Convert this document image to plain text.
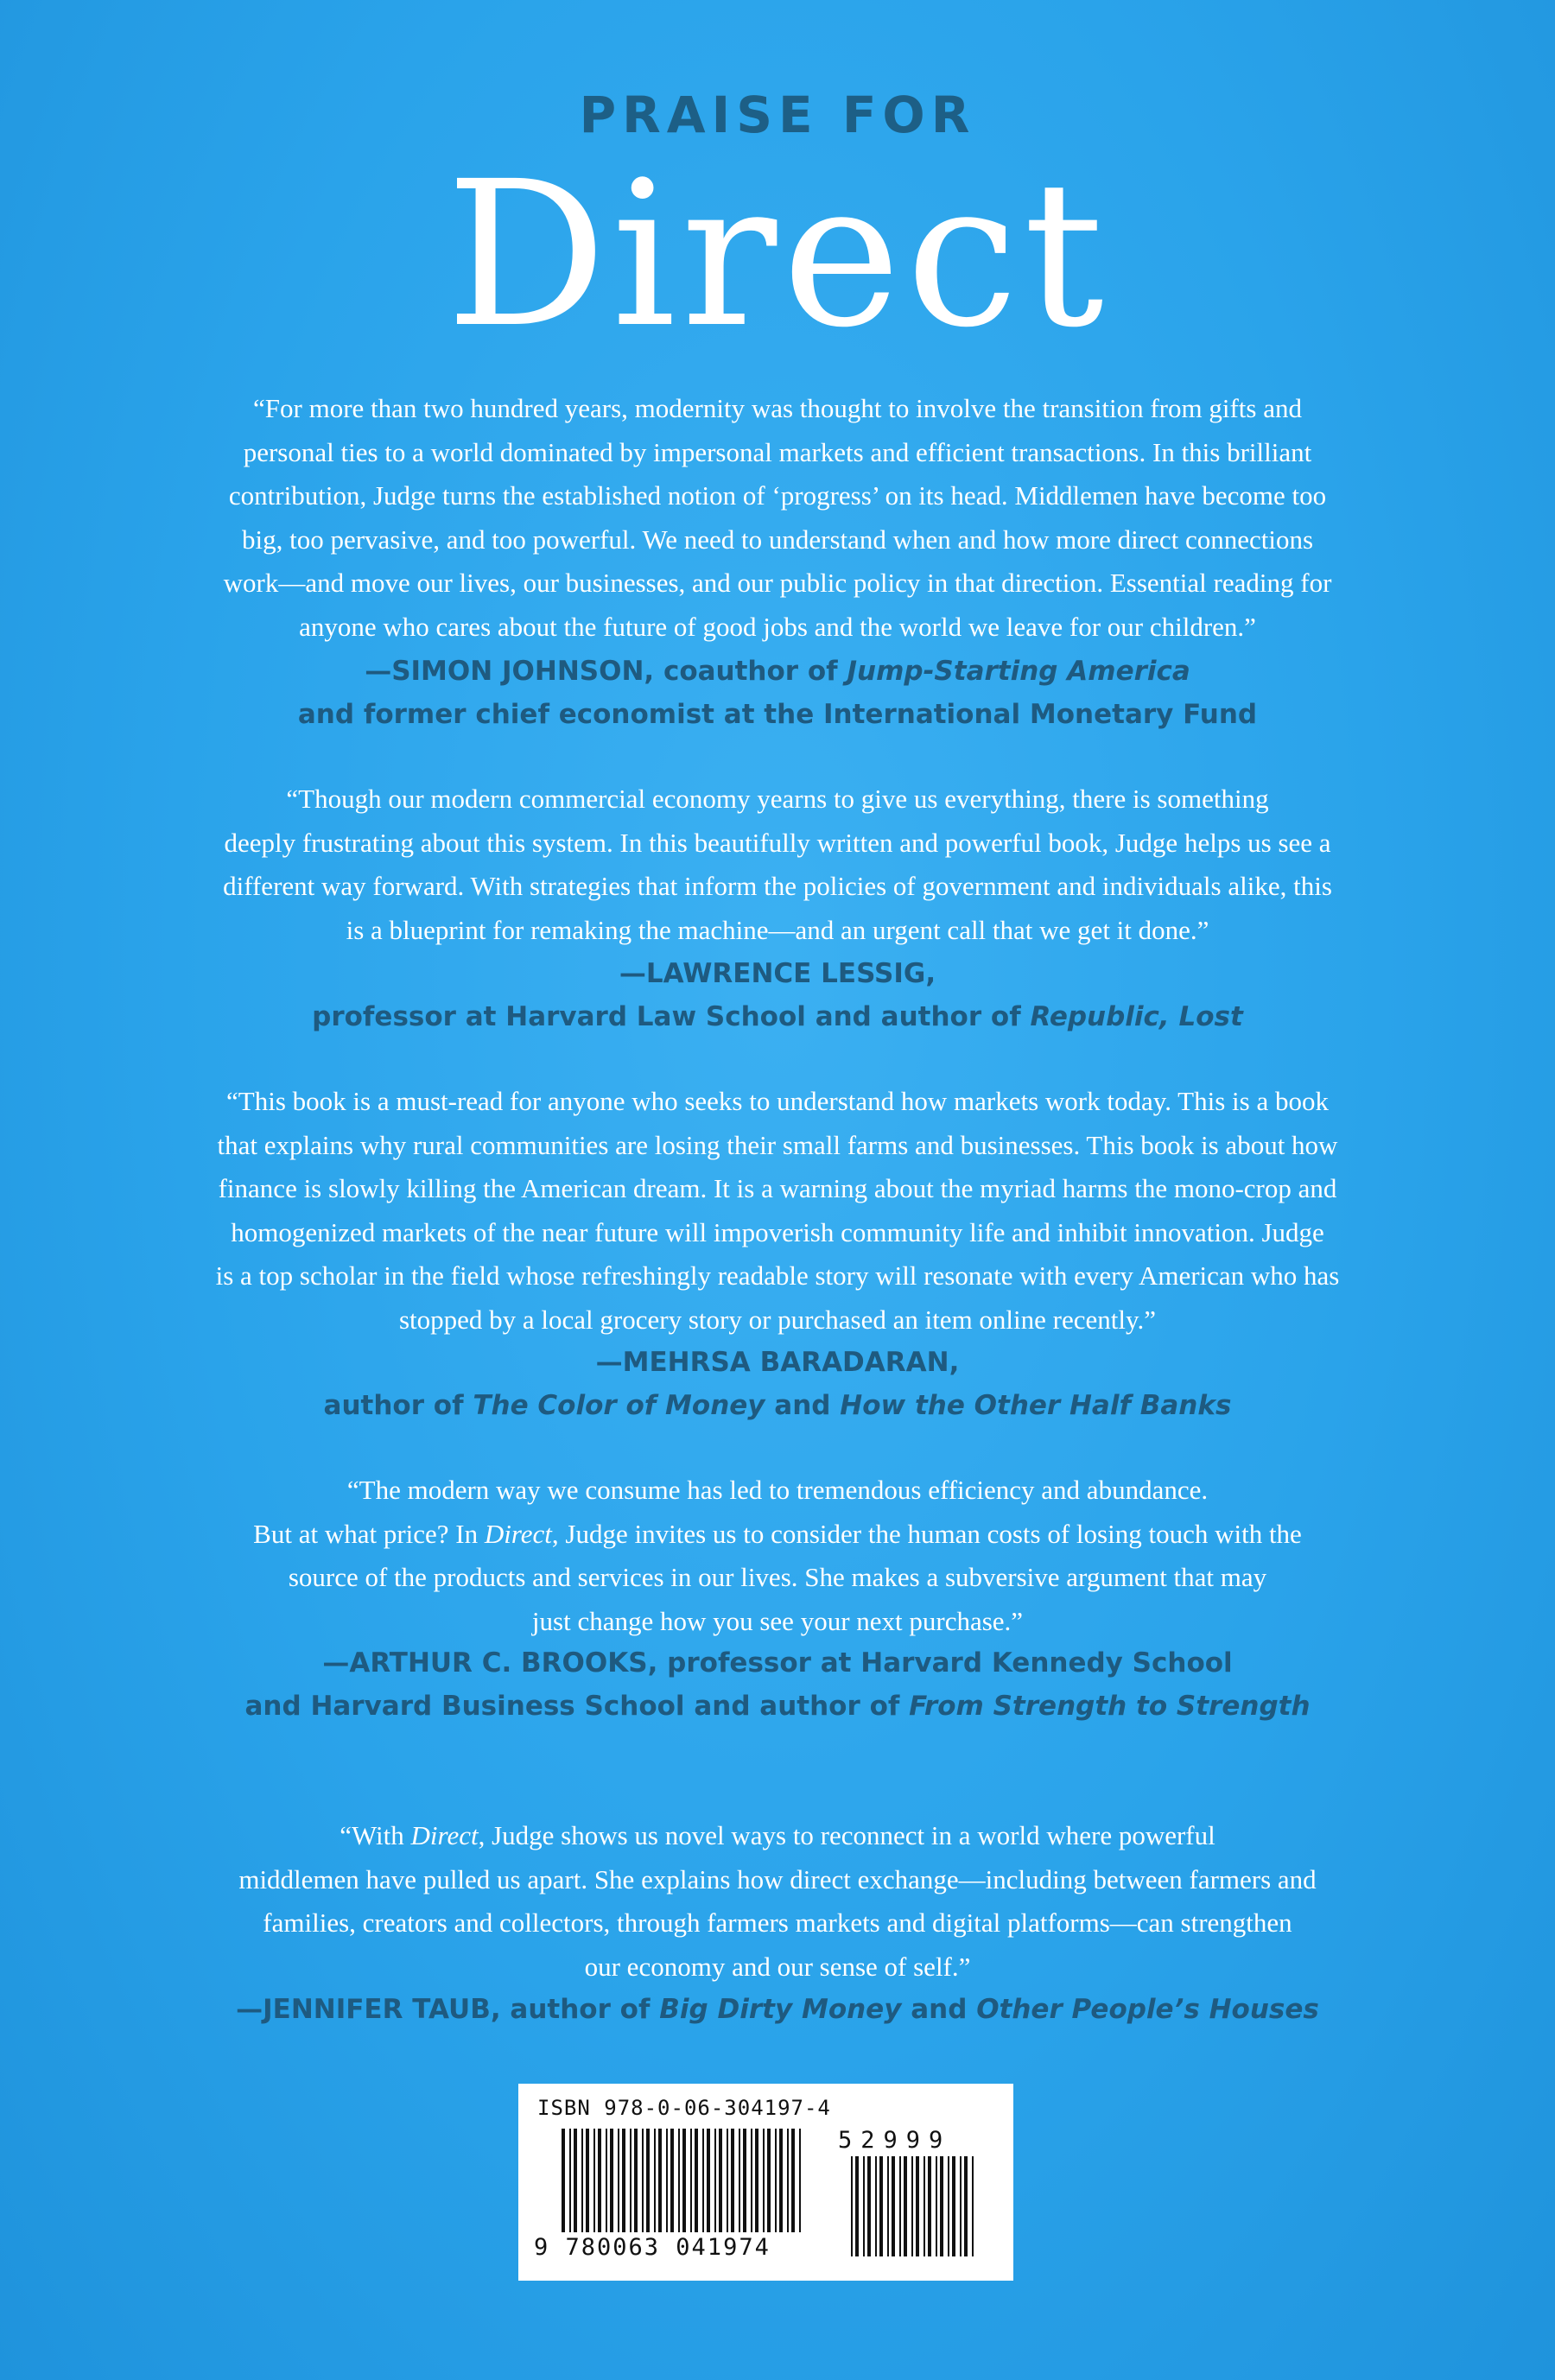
PRAISE FOR
Direct
“For more than two hundred years, modernity was thought to involve the transition from gifts and
personal ties to a world dominated by impersonal markets and efficient transactions. In this brilliant
contribution, Judge turns the established notion of ‘progress’ on its head. Middlemen have become too
big, too pervasive, and too powerful. We need to understand when and how more direct connections
work—and move our lives, our businesses, and our public policy in that direction. Essential reading for
anyone who cares about the future of good jobs and the world we leave for our children.”
—SIMON JOHNSON, coauthor of Jump-Starting America
and former chief economist at the International Monetary Fund
“Though our modern commercial economy yearns to give us everything, there is something
deeply frustrating about this system. In this beautifully written and powerful book, Judge helps us see a
different way forward. With strategies that inform the policies of government and individuals alike, this
is a blueprint for remaking the machine—and an urgent call that we get it done.”
—LAWRENCE LESSIG,
professor at Harvard Law School and author of Republic, Lost
“This book is a must-read for anyone who seeks to understand how markets work today. This is a book
that explains why rural communities are losing their small farms and businesses. This book is about how
finance is slowly killing the American dream. It is a warning about the myriad harms the mono-crop and
homogenized markets of the near future will impoverish community life and inhibit innovation. Judge
is a top scholar in the field whose refreshingly readable story will resonate with every American who has
stopped by a local grocery story or purchased an item online recently.”
—MEHRSA BARADARAN,
author of The Color of Money and How the Other Half Banks
“The modern way we consume has led to tremendous efficiency and abundance.
But at what price? In Direct, Judge invites us to consider the human costs of losing touch with the
source of the products and services in our lives. She makes a subversive argument that may
just change how you see your next purchase.”
—ARTHUR C. BROOKS, professor at Harvard Kennedy School
and Harvard Business School and author of From Strength to Strength
“With Direct, Judge shows us novel ways to reconnect in a world where powerful
middlemen have pulled us apart. She explains how direct exchange—including between farmers and
families, creators and collectors, through farmers markets and digital platforms—can strengthen
our economy and our sense of self.”
—JENNIFER TAUB, author of Big Dirty Money and Other People’s Houses
ISBN 978-0-06-304197-4
9 780063 041974
52999
